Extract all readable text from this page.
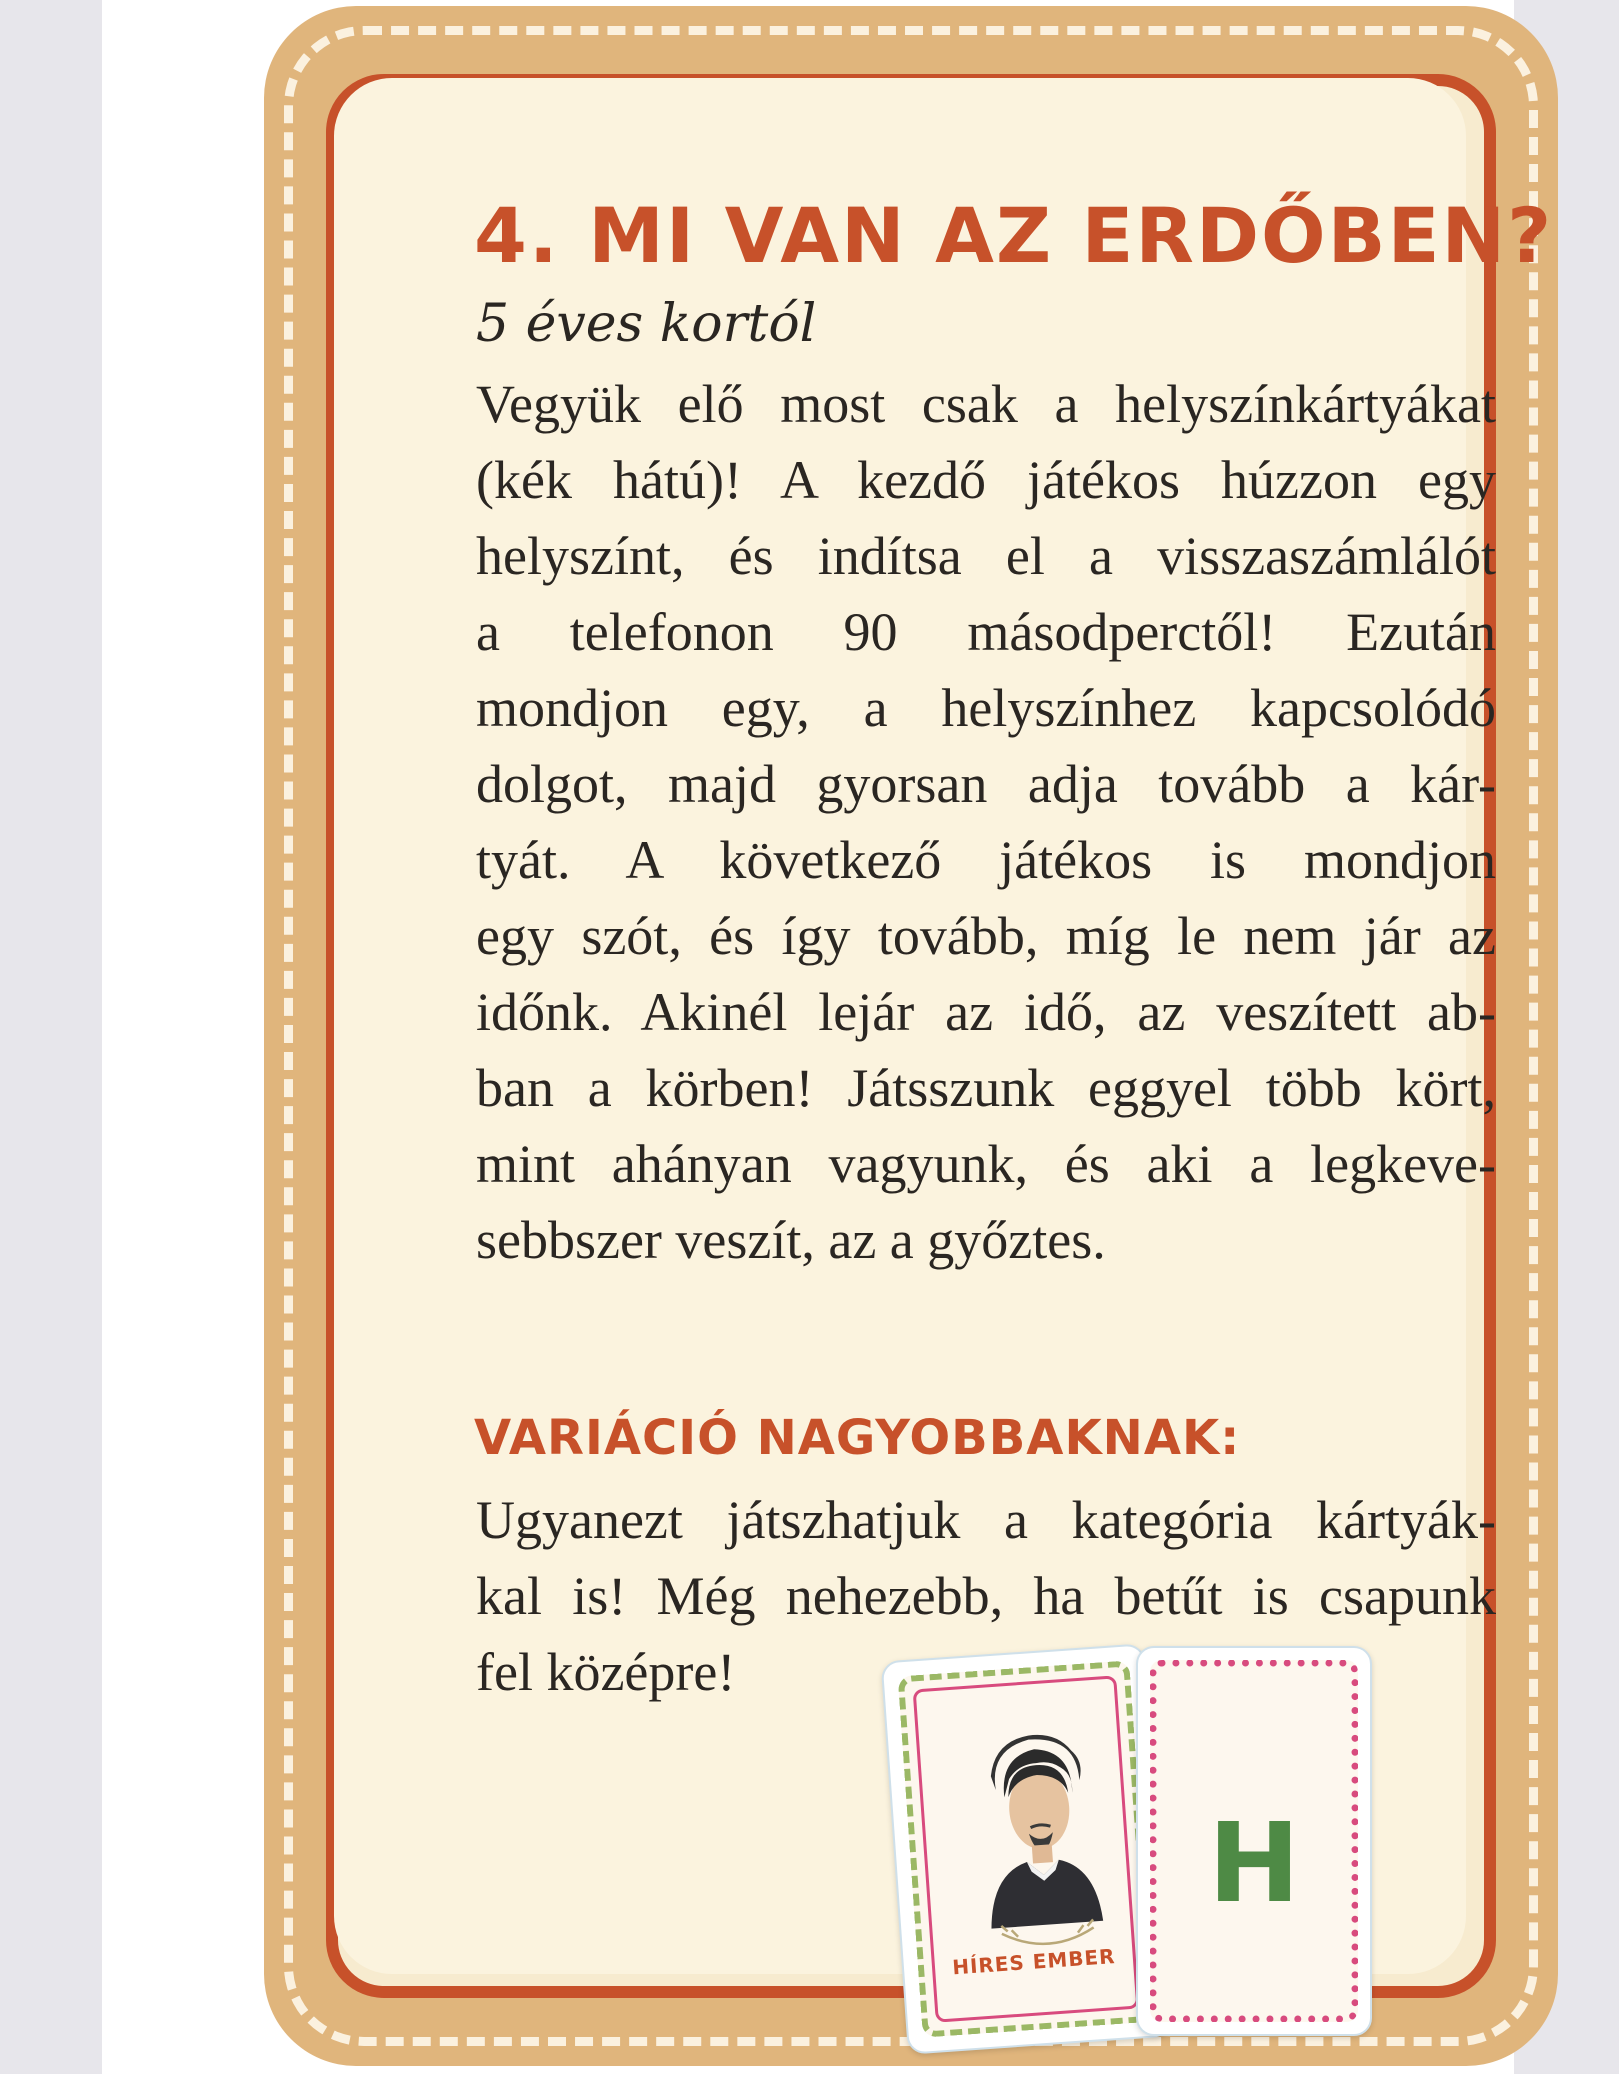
4. MI VAN AZ ERDŐBEN?
5 éves kortól
Vegyük elő most csak a helyszínkártyákat
(kék hátú)! A kezdő játékos húzzon egy
helyszínt, és indítsa el a visszaszámlálót
a telefonon 90 másodperctől! Ezután
mondjon egy, a helyszínhez kapcsolódó
dolgot, majd gyorsan adja tovább a kár-
tyát. A következő játékos is mondjon
egy szót, és így tovább, míg le nem jár az
időnk. Akinél lejár az idő, az veszített ab-
ban a körben! Játsszunk eggyel több kört,
mint ahányan vagyunk, és aki a legkeve-
sebbszer veszít, az a győztes.
VARIÁCIÓ NAGYOBBAKNAK:
Ugyanezt játszhatjuk a kategória kártyák-
kal is! Még nehezebb, ha betűt is csapunk
fel középre!
HÍRES EMBER
H
